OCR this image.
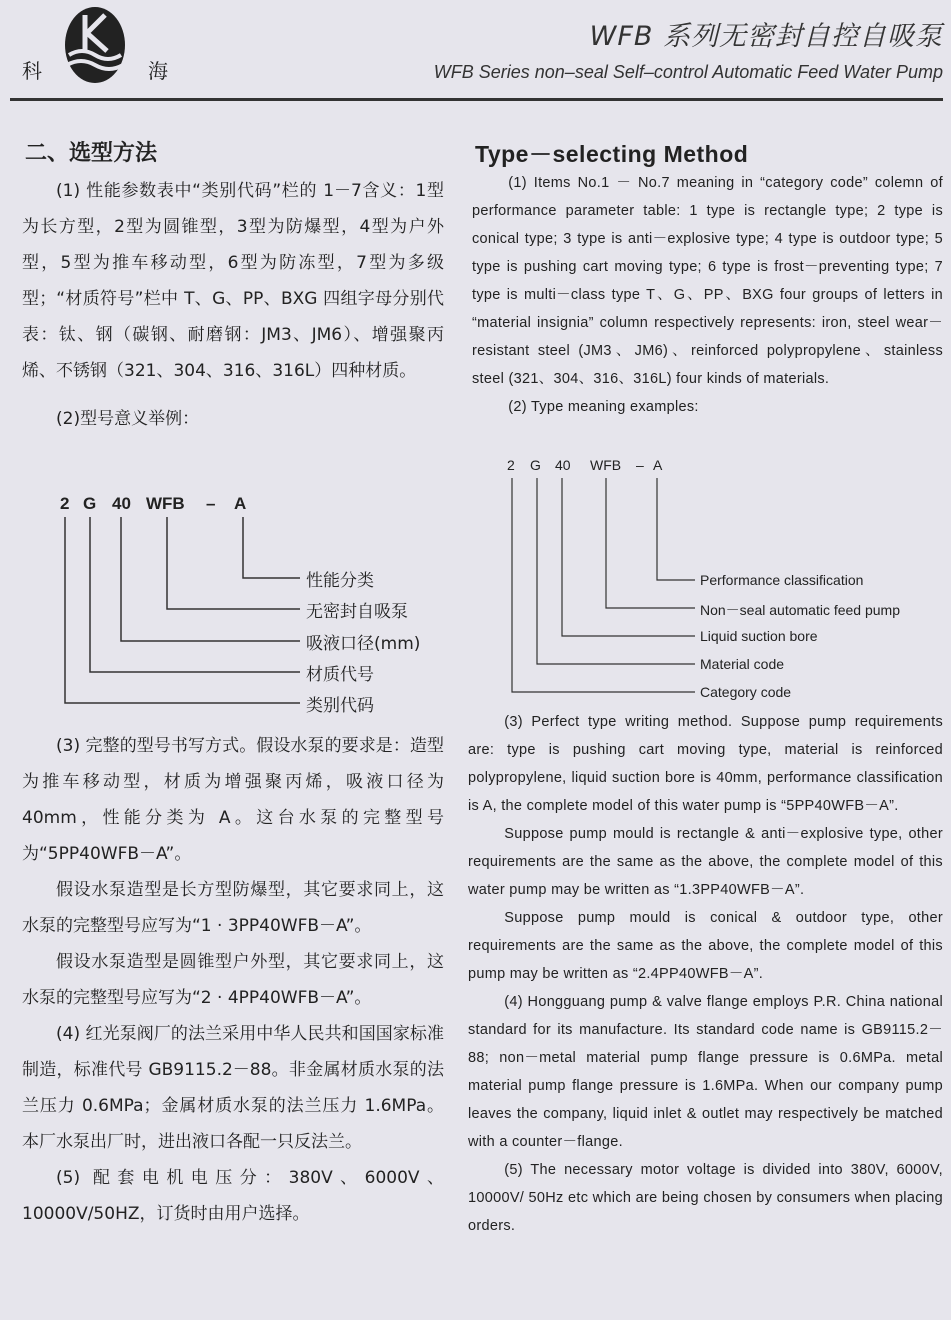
科	海
WFB 系列无密封自控自吸泵
WFB Series non–seal Self–control Automatic Feed Water Pump
二、选型方法	Type－selecting Method

(1) 性能参数表中“类别代码”栏的 1－7含义：1型为长方型，2型为圆锥型，3型为防爆型，4型为户外型，5型为推车移动型，6型为防冻型，7型为多级型；“材质符号”栏中 T、G、PP、BXG 四组字母分别代表：钛、钢（碳钢、耐磨钢：JM3、JM6）、增强聚丙烯、不锈钢（321、304、316、316L）四种材质。

(2)型号意义举例：

(3) 完整的型号书写方式。假设水泵的要求是：造型为推车移动型，材质为增强聚丙烯，吸液口径为 40mm，性能分类为 A。这台水泵的完整型号为“5PP40WFB－A”。

假设水泵造型是长方型防爆型，其它要求同上，这水泵的完整型号应写为“1 · 3PP40WFB－A”。

假设水泵造型是圆锥型户外型，其它要求同上，这水泵的完整型号应写为“2 · 4PP40WFB－A”。

(4) 红光泵阀厂的法兰采用中华人民共和国国家标准制造，标准代号 GB9115.2－88。非金属材质水泵的法兰压力 0.6MPa；金属材质水泵的法兰压力 1.6MPa。本厂水泵出厂时，进出液口各配一只反法兰。

(5) 配套电机电压分：380V、6000V、10000V/50HZ，订货时由用户选择。

2 G 40 WFB – A
性能分类
无密封自吸泵
吸液口径(mm)
材质代号
类别代码

(1) Items No.1 － No.7 meaning in “category code” colemn of performance parameter table: 1 type is rectangle type; 2 type is conical type; 3 type is anti－explosive type; 4 type is outdoor type; 5 type is pushing cart moving type; 6 type is frost－preventing type; 7 type is multi－class type T、G、PP、BXG four groups of letters in “material insignia” column respectively represents: iron, steel wear－resistant steel (JM3、JM6)、reinforced polypropylene、stainless steel (321、304、316、316L) four kinds of materials.

(2) Type meaning examples:

2 G 40 WFB – A
Performance classification
Non－seal automatic feed pump
Liquid suction bore
Material code
Category code

(3) Perfect type writing method. Suppose pump requirements are: type is pushing cart moving type, material is reinforced polypropylene, liquid suction bore is 40mm, performance classification is A, the complete model of this water pump is “5PP40WFB－A”.

Suppose pump mould is rectangle & anti－explosive type, other requirements are the same as the above, the complete model of this water pump may be written as “1.3PP40WFB－A”.

Suppose pump mould is conical & outdoor type, other requirements are the same as the above, the complete model of this pump may be written as “2.4PP40WFB－A”.

(4) Hongguang pump & valve flange employs P.R. China national standard for its manufacture. Its standard code name is GB9115.2－88; non－metal material pump flange pressure is 0.6MPa. metal material pump flange pressure is 1.6MPa. When our company pump leaves the company, liquid inlet & outlet may respectively be matched with a counter－flange.

(5) The necessary motor voltage is divided into 380V, 6000V, 10000V/ 50Hz etc which are being chosen by consumers when placing orders.
